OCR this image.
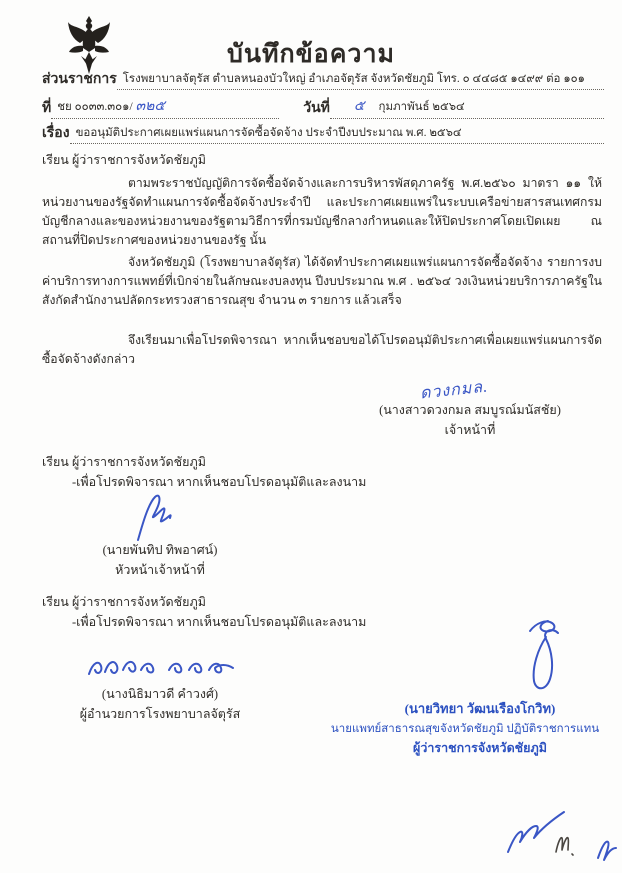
บันทึกข้อความ
ส่วนราชการ โรงพยาบาลจัตุรัส ตำบลหนองบัวใหญ่ อำเภอจัตุรัส จังหวัดชัยภูมิ โทร. ๐ ๔๔๘๕ ๑๔๙๙ ต่อ ๑๐๑
ที่ ชย ๐๐๓๓.๓๐๑/ ๓๒๕	วันที่	๕ กุมภาพันธ์ ๒๕๖๔
เรื่อง ขออนุมัติประกาศเผยแพร่แผนการจัดซื้อจัดจ้าง ประจำปีงบประมาณ พ.ศ. ๒๕๖๔
เรียน ผู้ว่าราชการจังหวัดชัยภูมิ
ตามพระราชบัญญัติการจัดซื้อจัดจ้างและการบริหารพัสดุภาครัฐ พ.ศ.๒๕๖๐ มาตรา ๑๑ ให้หน่วยงานของรัฐจัดทำแผนการจัดซื้อจัดจ้างประจำปี และประกาศเผยแพร่ในระบบเครือข่ายสารสนเทศกรมบัญชีกลางและของหน่วยงานของรัฐตามวิธีการที่กรมบัญชีกลางกำหนดและให้ปิดประกาศโดยเปิดเผย ณ สถานที่ปิดประกาศของหน่วยงานของรัฐ นั้น
จังหวัดชัยภูมิ (โรงพยาบาลจัตุรัส) ได้จัดทำประกาศเผยแพร่แผนการจัดซื้อจัดจ้าง รายการงบค่าบริการทางการแพทย์ที่เบิกจ่ายในลักษณะงบลงทุน ปีงบประมาณ พ.ศ . ๒๕๖๔ วงเงินหน่วยบริการภาครัฐในสังกัดสำนักงานปลัดกระทรวงสาธารณสุข จำนวน ๓ รายการ แล้วเสร็จ
จึงเรียนมาเพื่อโปรดพิจารณา หากเห็นชอบขอได้โปรดอนุมัติประกาศเพื่อเผยแพร่แผนการจัดซื้อจัดจ้างดังกล่าว
ดวงกมล.
(นางสาวดวงกมล สมบูรณ์มนัสชัย)
เจ้าหน้าที่
เรียน ผู้ว่าราชการจังหวัดชัยภูมิ
-เพื่อโปรดพิจารณา หากเห็นชอบโปรดอนุมัติและลงนาม
(นายพันทิป ทิพอาศน์)
หัวหน้าเจ้าหน้าที่
เรียน ผู้ว่าราชการจังหวัดชัยภูมิ
-เพื่อโปรดพิจารณา หากเห็นชอบโปรดอนุมัติและลงนาม
(นางนิธิมาวดี คำวงศ์)
ผู้อำนวยการโรงพยาบาลจัตุรัส	(นายวิทยา วัฒนเรืองโกวิท)
นายแพทย์สาธารณสุขจังหวัดชัยภูมิ ปฏิบัติราชการแทน
ผู้ว่าราชการจังหวัดชัยภูมิ
